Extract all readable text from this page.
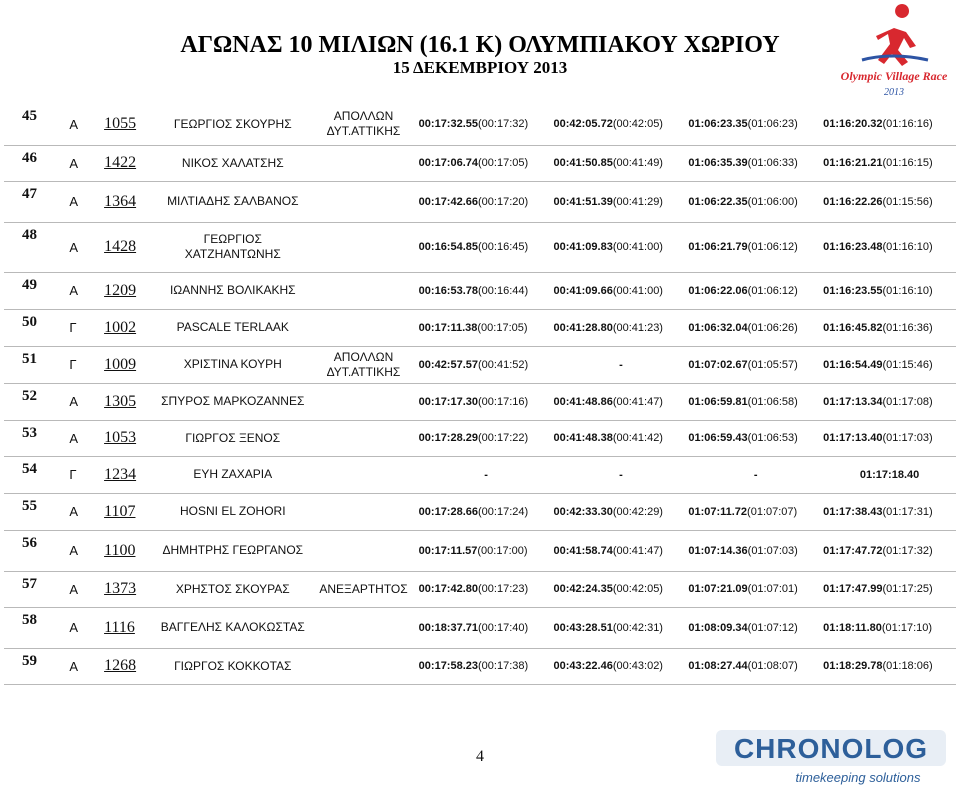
ΑΓΩΝΑΣ 10 ΜΙΛΙΩΝ (16.1 Κ) ΟΛΥΜΠΙΑΚΟΥ ΧΩΡΙΟΥ
15 ΔΕΚΕΜΒΡΙΟΥ 2013	Olympic Village Race
2013
45	Α	1055	ΓΕΩΡΓΙΟΣ ΣΚΟΥΡΗΣ	ΑΠΟΛΛΩΝ ΔΥΤ.ΑΤΤΙΚΗΣ	00:17:32.55(00:17:32)	00:42:05.72(00:42:05)	01:06:23.35(01:06:23)	01:16:20.32(01:16:16)
46	Α	1422	ΝΙΚΟΣ ΧΑΛΑΤΣΗΣ		00:17:06.74(00:17:05)	00:41:50.85(00:41:49)	01:06:35.39(01:06:33)	01:16:21.21(01:16:15)
47	Α	1364	ΜΙΛΤΙΑΔΗΣ ΣΑΛΒΑΝΟΣ		00:17:42.66(00:17:20)	00:41:51.39(00:41:29)	01:06:22.35(01:06:00)	01:16:22.26(01:15:56)
48	Α	1428	ΓΕΩΡΓΙΟΣ ΧΑΤΖΗΑΝΤΩΝΗΣ		00:16:54.85(00:16:45)	00:41:09.83(00:41:00)	01:06:21.79(01:06:12)	01:16:23.48(01:16:10)
49	Α	1209	ΙΩΑΝΝΗΣ ΒΟΛΙΚΑΚΗΣ		00:16:53.78(00:16:44)	00:41:09.66(00:41:00)	01:06:22.06(01:06:12)	01:16:23.55(01:16:10)
50	Γ	1002	PASCALE TERLAAK		00:17:11.38(00:17:05)	00:41:28.80(00:41:23)	01:06:32.04(01:06:26)	01:16:45.82(01:16:36)
51	Γ	1009	ΧΡΙΣΤΙΝΑ ΚΟΥΡΗ	ΑΠΟΛΛΩΝ ΔΥΤ.ΑΤΤΙΚΗΣ	00:42:57.57(00:41:52)	-	01:07:02.67(01:05:57)	01:16:54.49(01:15:46)
52	Α	1305	ΣΠΥΡΟΣ ΜΑΡΚΟΖΑΝΝΕΣ		00:17:17.30(00:17:16)	00:41:48.86(00:41:47)	01:06:59.81(01:06:58)	01:17:13.34(01:17:08)
53	Α	1053	ΓΙΩΡΓΟΣ ΞΕΝΟΣ		00:17:28.29(00:17:22)	00:41:48.38(00:41:42)	01:06:59.43(01:06:53)	01:17:13.40(01:17:03)
54	Γ	1234	ΕΥΗ ΖΑΧΑΡΙΑ		-	-	-	01:17:18.40
55	Α	1107	HOSNI EL ZOHORI		00:17:28.66(00:17:24)	00:42:33.30(00:42:29)	01:07:11.72(01:07:07)	01:17:38.43(01:17:31)
56	Α	1100	ΔΗΜΗΤΡΗΣ ΓΕΩΡΓΑΝΟΣ		00:17:11.57(00:17:00)	00:41:58.74(00:41:47)	01:07:14.36(01:07:03)	01:17:47.72(01:17:32)
57	Α	1373	ΧΡΗΣΤΟΣ ΣΚΟΥΡΑΣ	ΑΝΕΞΑΡΤΗΤΟΣ	00:17:42.80(00:17:23)	00:42:24.35(00:42:05)	01:07:21.09(01:07:01)	01:17:47.99(01:17:25)
58	Α	1116	ΒΑΓΓΕΛΗΣ ΚΑΛΟΚΩΣΤΑΣ		00:18:37.71(00:17:40)	00:43:28.51(00:42:31)	01:08:09.34(01:07:12)	01:18:11.80(01:17:10)
59	Α	1268	ΓΙΩΡΓΟΣ ΚΟΚΚΟΤΑΣ		00:17:58.23(00:17:38)	00:43:22.46(00:43:02)	01:08:27.44(01:08:07)	01:18:29.78(01:18:06)
4	CHRONOLOG
timekeeping solutions
